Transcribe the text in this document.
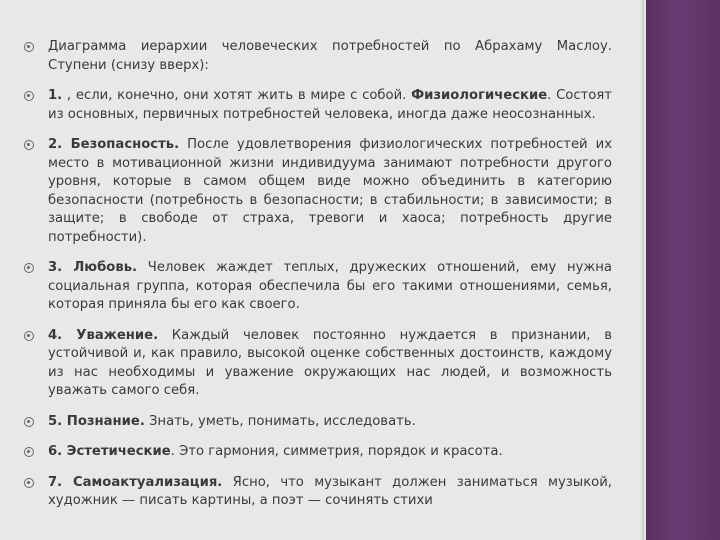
Диаграмма иерархии человеческих потребностей по Абрахаму Маслоу. Ступени (снизу вверх):
1. , если, конечно, они хотят жить в мире с собой. Физиологические. Состоят из основных, первичных потребностей человека, иногда даже неосознанных.
2. Безопасность. После удовлетворения физиологических потребностей их место в мотивационной жизни индивидуума занимают потребности другого уровня, которые в самом общем виде можно объединить в категорию безопасности (потребность в безопасности; в стабильности; в зависимости; в защите; в свободе от страха, тревоги и хаоса; потребность другие потребности).
3. Любовь. Человек жаждет теплых, дружеских отношений, ему нужна социальная группа, которая обеспечила бы его такими отношениями, семья, которая приняла бы его как своего.
4. Уважение. Каждый человек постоянно нуждается в признании, в устойчивой и, как правило, высокой оценке собственных достоинств, каждому из нас необходимы и уважение окружающих нас людей, и возможность уважать самого себя.
5. Познание. Знать, уметь, понимать, исследовать.
6. Эстетические. Это гармония, симметрия, порядок и красота.
7. Самоактуализация. Ясно, что музыкант должен заниматься музыкой, художник — писать картины, а поэт — сочинять стихи
